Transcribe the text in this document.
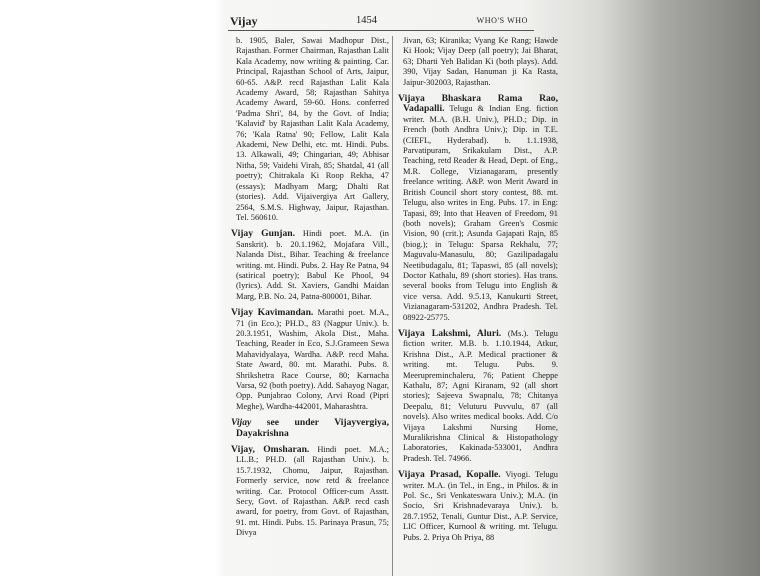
Vijay	1454	WHO'S WHO

b. 1905, Baler, Sawai Madhopur Dist., Rajasthan. Former Chairman, Rajasthan Lalit Kala Academy, now writing & painting. Car. Principal, Rajasthan School of Arts, Jaipur, 60-65. A&P. recd Rajasthan Lalit Kala Academy Award, 58; Rajasthan Sahitya Academy Award, 59-60. Hons. conferred 'Padma Shri', 84, by the Govt. of India; 'Kalavid' by Rajasthan Lalit Kala Academy, 76; 'Kala Ratna' 90; Fellow, Lalit Kala Akademi, New Delhi, etc. mt. Hindi. Pubs. 13. Alkawali, 49; Chingarian, 49; Abhisar Nitha, 59; Vaidehi Virah, 85; Shatdal, 41 (all poetry); Chitrakala Ki Roop Rekha, 47 (essays); Madhyam Marg; Dhalti Rat (stories). Add. Vijaivergiya Art Gallery, 2564, S.M.S. Highway, Jaipur, Rajasthan. Tel. 560610.

Vijay Gunjan. Hindi poet. M.A. (in Sanskrit). b. 20.1.1962, Mojafara Vill., Nalanda Dist., Bihar. Teaching & freelance writing. mt. Hindi. Pubs. 2. Hay Re Patna, 94 (satirical poetry); Babul Ke Phool, 94 (lyrics). Add. St. Xaviers, Gandhi Maidan Marg, P.B. No. 24, Patna-800001, Bihar.

Vijay Kavimandan. Marathi poet. M.A., 71 (in Eco.); PH.D., 83 (Nagpur Univ.). b. 20.3.1951, Washim, Akola Dist., Maha. Teaching, Reader in Eco, S.J.Grameen Sewa Mahavidyalaya, Wardha. A&P. recd Maha. State Award, 80. mt. Marathi. Pubs. 8. Shrikshetra Race Course, 80; Karnacha Varsa, 92 (both poetry). Add. Sahayog Nagar, Opp. Punjabrao Colony, Arvi Road (Pipri Meghe), Wardha-442001, Maharashtra.

Vijay see under Vijayvergiya, Dayakrishna

Vijay, Omsharan. Hindi poet. M.A.; LL.B.; PH.D. (all Rajasthan Univ.). b. 15.7.1932, Chomu, Jaipur, Rajasthan. Formerly service, now retd & freelance writing. Car. Protocol Officer-cum Asstt. Secy, Govt. of Rajasthan. A&P. recd cash award, for poetry, from Govt. of Rajasthan, 91. mt. Hindi. Pubs. 15. Parinaya Prasun, 75; Divya

Jivan, 63; Kiranika; Vyang Ke Rang; Hawde Ki Hook; Vijay Deep (all poetry); Jai Bharat, 63; Dharti Yeh Balidan Ki (both plays). Add. 390, Vijay Sadan, Hanuman ji Ka Rasta, Jaipur-302003, Rajasthan.

Vijaya Bhaskara Rama Rao, Vadapalli. Telugu & Indian Eng. fiction writer. M.A. (B.H. Univ.), PH.D.; Dip. in French (both Andhra Univ.); Dip. in T.E. (CIEFL, Hyderabad). b. 1.1.1938, Parvatipuram, Srikakulam Dist., A.P. Teaching, retd Reader & Head, Dept. of Eng., M.R. College, Vizianagaram, presently freelance writing. A&P. won Merit Award in British Council short story contest, 88. mt. Telugu, also writes in Eng. Pubs. 17. in Eng: Tapasi, 89; Into that Heaven of Freedom, 91 (both novels); Graham Green's Cosmic Vision, 90 (crit.); Asunda Gajapati Rajn, 85 (biog.); in Telugu: Sparsa Rekhalu, 77; Maguvalu-Manasulu, 80; Gazilipadagalu Neetibudagalu, 81; Tapaswi, 85 (all novels); Doctor Kathalu, 89 (short stories). Has trans. several books from Telugu into English & vice versa. Add. 9.5.13, Kanukurti Street, Vizianagaram-531202, Andhra Pradesh. Tel. 08922-25775.

Vijaya Lakshmi, Aluri. (Ms.). Telugu fiction writer. M.B. b. 1.10.1944, Atkur, Krishna Dist., A.P. Medical practioner & writing. mt. Telugu. Pubs. 9. Meerupreminchaleru, 76; Patient Cheppe Kathalu, 87; Agni Kiranam, 92 (all short stories); Sajeeva Swapnalu, 78; Chitanya Deepalu, 81; Veluturu Puvvulu, 87 (all novels). Also writes medical books. Add. C/o Vijaya Lakshmi Nursing Home, Muralikrishna Clinical & Histopathology Laboratories, Kakinada-533001, Andhra Pradesh. Tel. 74966.

Vijaya Prasad, Kopalle. Viyogi. Telugu writer. M.A. (in Tel., in Eng., in Philos. & in Pol. Sc., Sri Venkateswara Univ.); M.A. (in Socio, Sri Krishnadevaraya Univ.). b. 28.7.1952, Tenali, Guntur Dist., A.P. Service, LIC Officer, Kurnool & writing. mt. Telugu. Pubs. 2. Priya Oh Priya, 88
